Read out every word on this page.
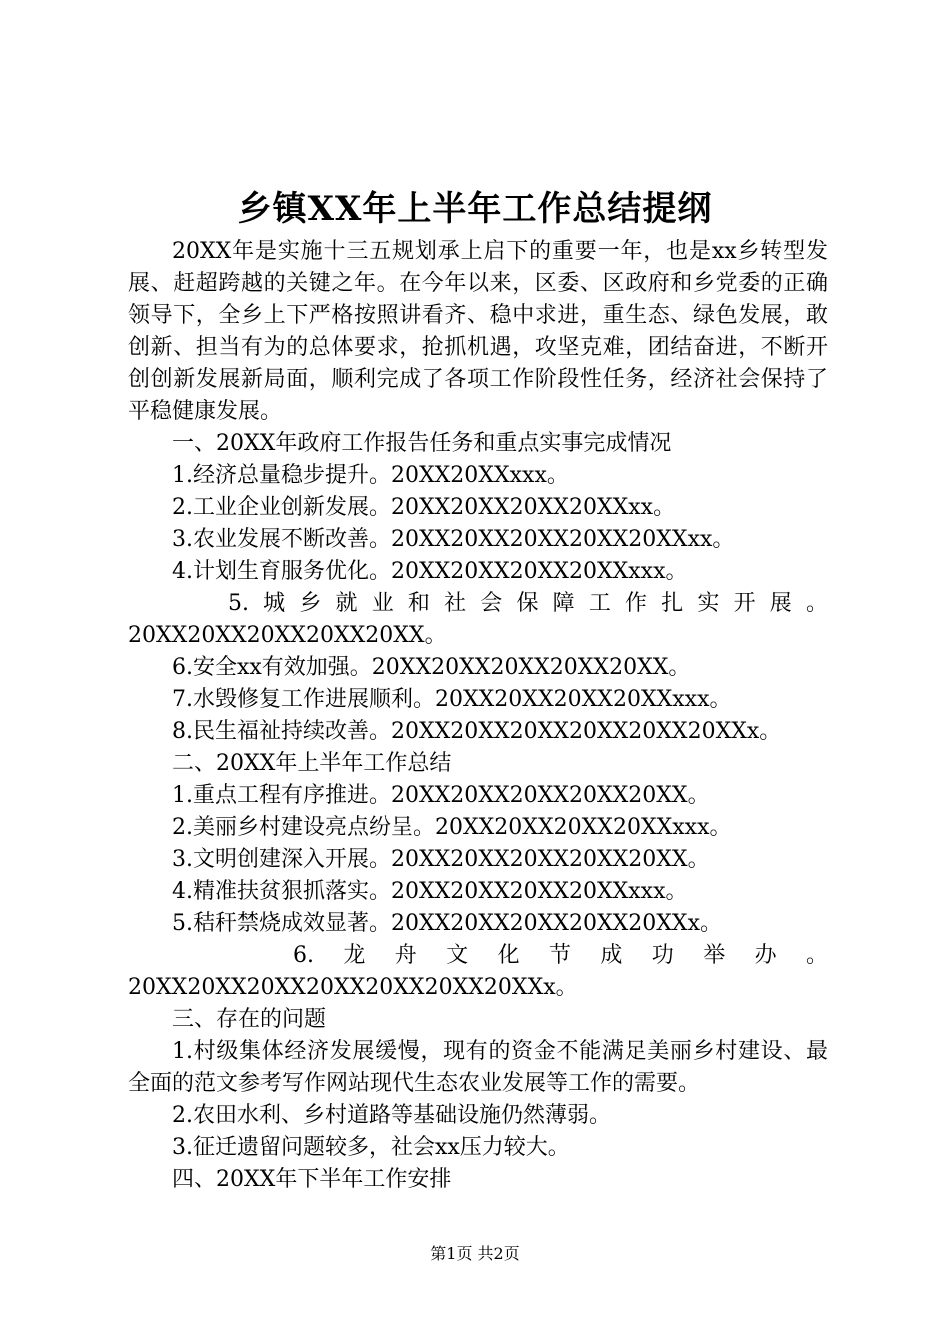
乡镇XX年上半年工作总结提纲

20XX年是实施十三五规划承上启下的重要一年，也是xx乡转型发展、赶超跨越的关键之年。在今年以来，区委、区政府和乡党委的正确领导下，全乡上下严格按照讲看齐、稳中求进，重生态、绿色发展，敢创新、担当有为的总体要求，抢抓机遇，攻坚克难，团结奋进，不断开创创新发展新局面，顺利完成了各项工作阶段性任务，经济社会保持了平稳健康发展。

一、20XX年政府工作报告任务和重点实事完成情况

1.经济总量稳步提升。20XX20XXxxx。

2.工业企业创新发展。20XX20XX20XX20XXxx。

3.农业发展不断改善。20XX20XX20XX20XX20XXxx。

4.计划生育服务优化。20XX20XX20XX20XXxxx。

5.城乡就业和社会保障工作扎实开展。

20XX20XX20XX20XX20XX。

6.安全xx有效加强。20XX20XX20XX20XX20XX。

7.水毁修复工作进展顺利。20XX20XX20XX20XXxxx。

8.民生福祉持续改善。20XX20XX20XX20XX20XX20XXx。

二、20XX年上半年工作总结

1.重点工程有序推进。20XX20XX20XX20XX20XX。

2.美丽乡村建设亮点纷呈。20XX20XX20XX20XXxxx。

3.文明创建深入开展。20XX20XX20XX20XX20XX。

4.精准扶贫狠抓落实。20XX20XX20XX20XXxxx。

5.秸秆禁烧成效显著。20XX20XX20XX20XX20XXx。

6.龙舟文化节成功举办。

20XX20XX20XX20XX20XX20XX20XXx。

三、存在的问题

1.村级集体经济发展缓慢，现有的资金不能满足美丽乡村建设、最全面的范文参考写作网站现代生态农业发展等工作的需要。

2.农田水利、乡村道路等基础设施仍然薄弱。

3.征迁遗留问题较多，社会xx压力较大。

四、20XX年下半年工作安排

第1页 共2页
